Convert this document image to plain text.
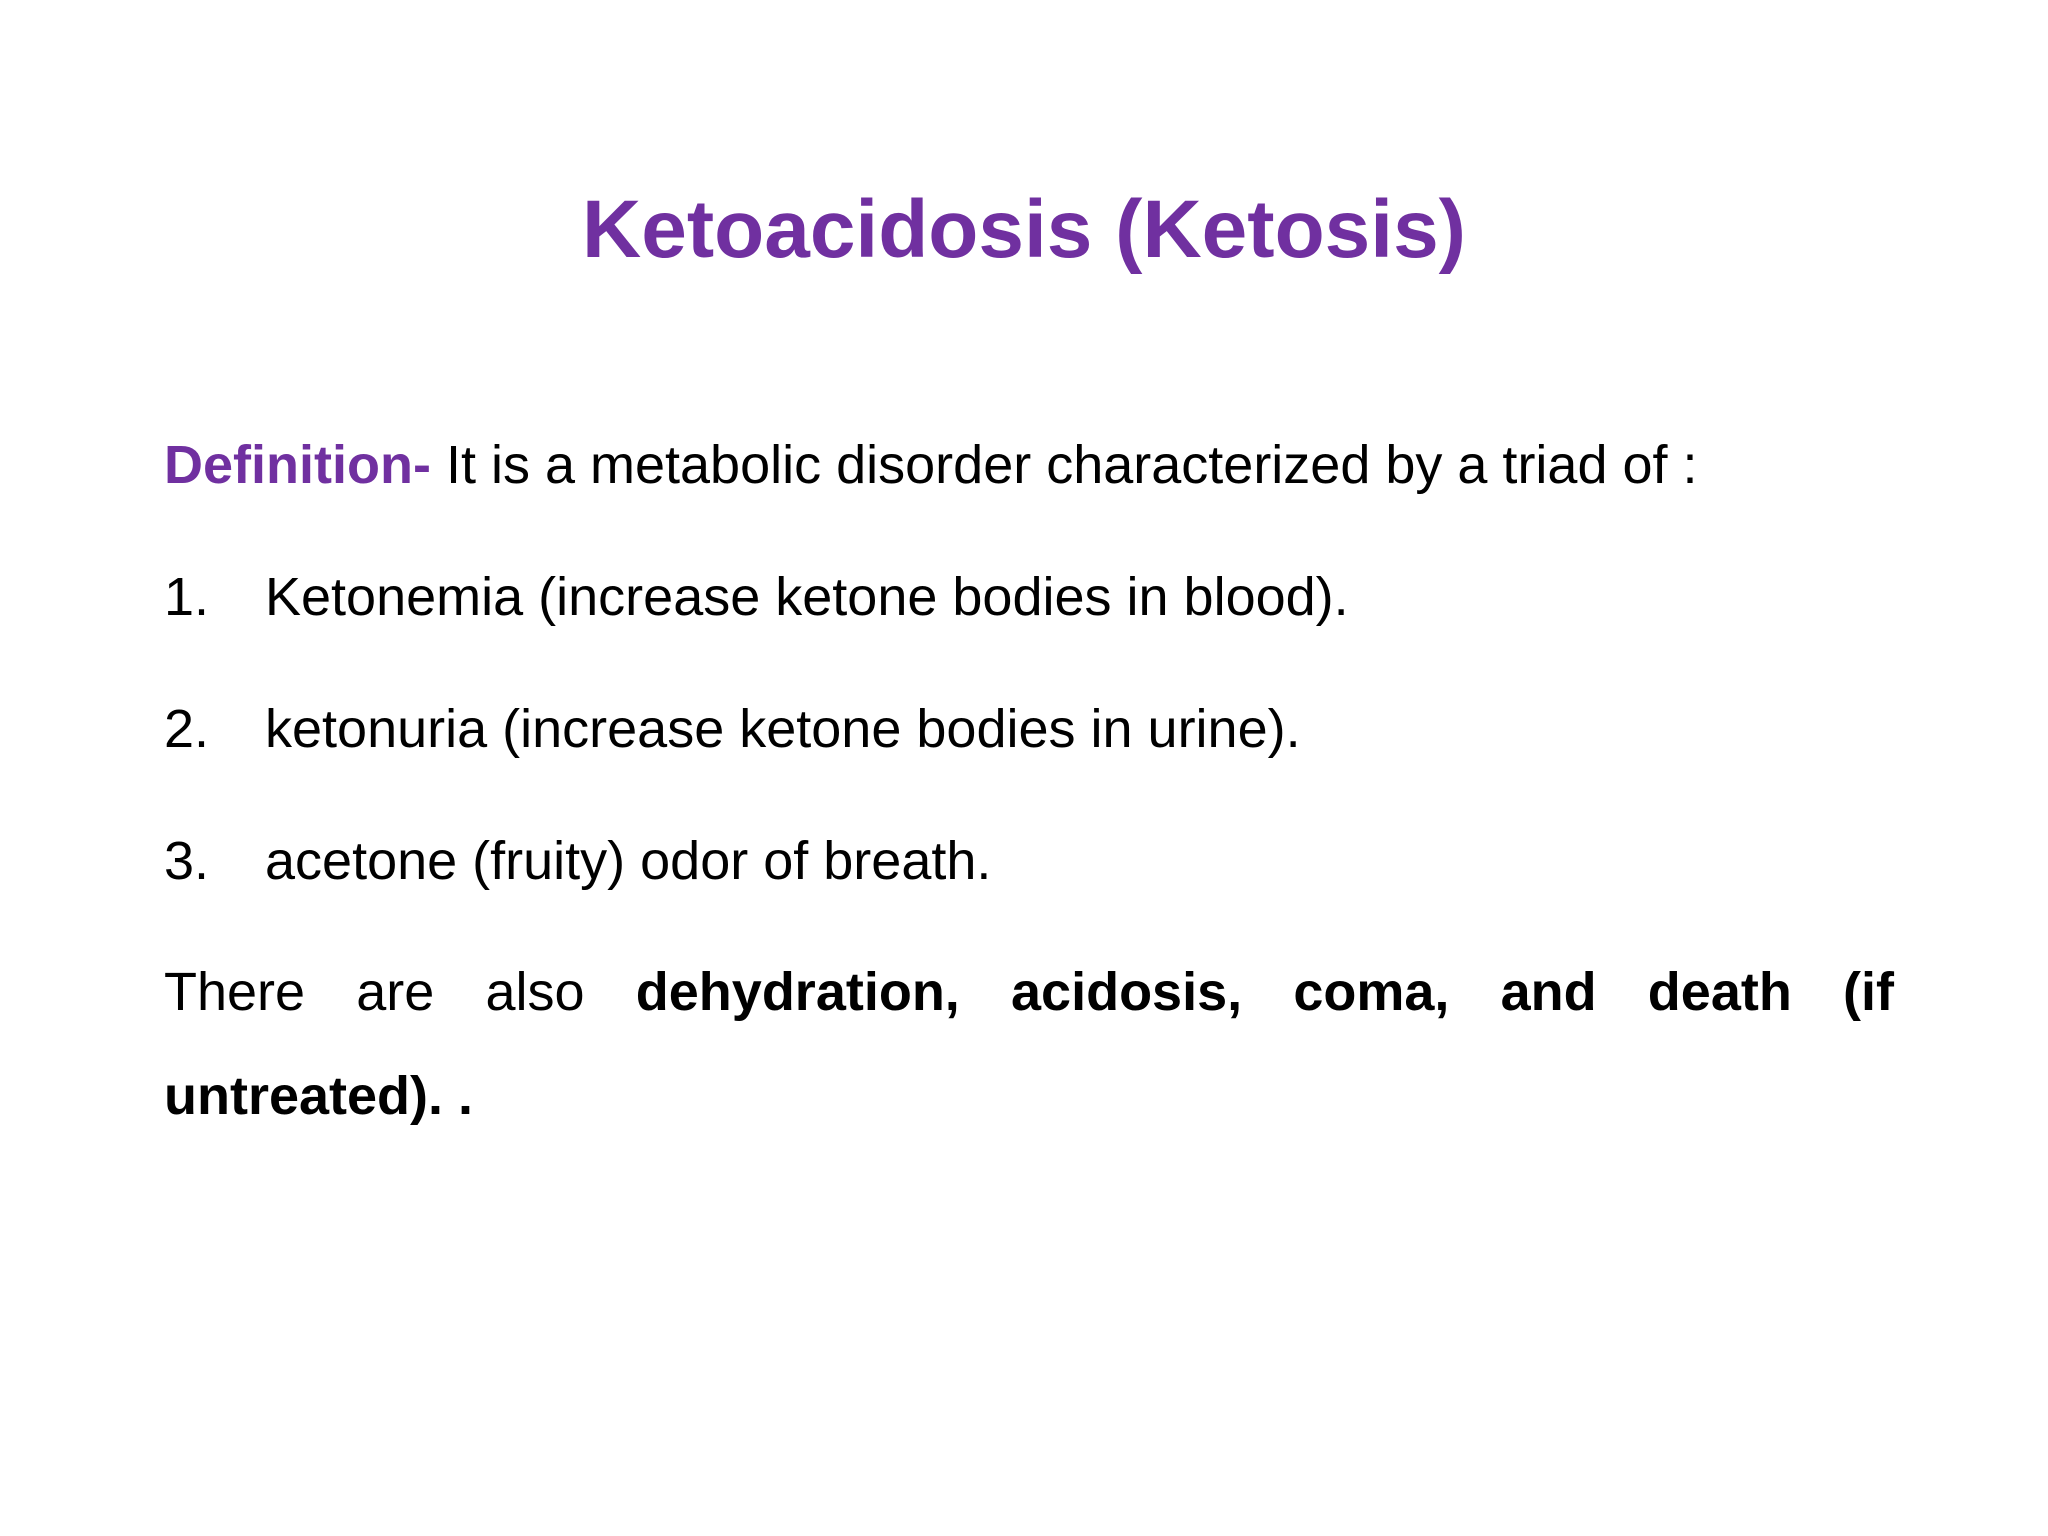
Ketoacidosis (Ketosis)

Definition- It is a metabolic disorder characterized by a triad of :

1.	Ketonemia (increase ketone bodies in blood).
2.	ketonuria (increase ketone bodies in urine).
3.	acetone (fruity) odor of breath.

There are also dehydration, acidosis, coma, and death (if untreated). .
